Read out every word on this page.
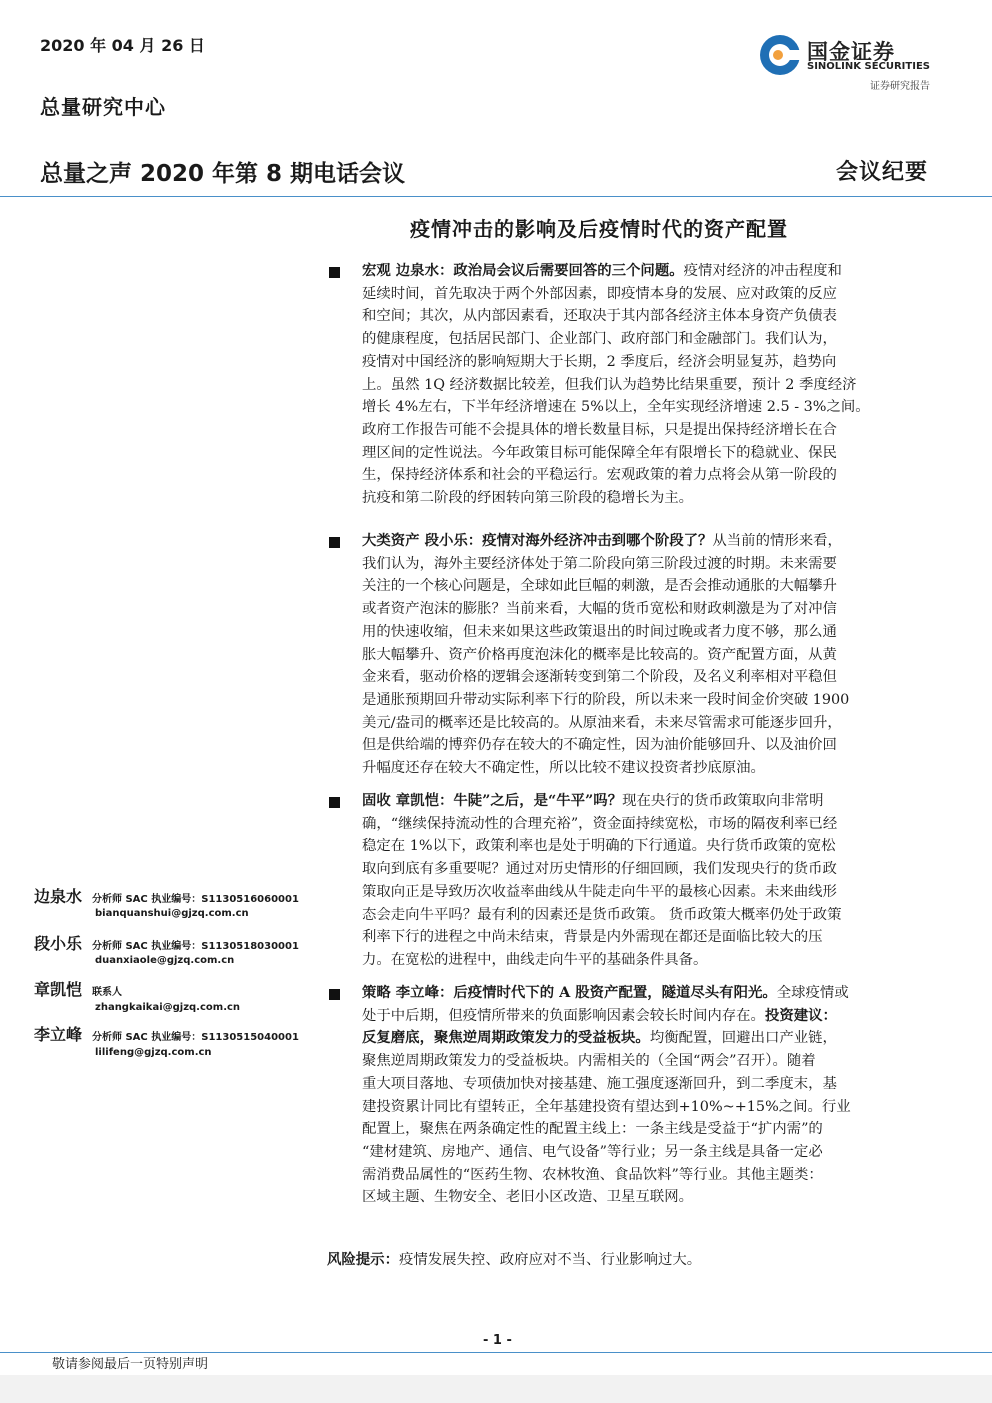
2020 年 04 月 26 日
总量研究中心
国金证券
SINOLINK SECURITIES
证券研究报告
总量之声 2020 年第 8 期电话会议	会议纪要
疫情冲击的影响及后疫情时代的资产配置
宏观 边泉水：政治局会议后需要回答的三个问题。疫情对经济的冲击程度和
延续时间，首先取决于两个外部因素，即疫情本身的发展、应对政策的反应
和空间；其次，从内部因素看，还取决于其内部各经济主体本身资产负债表
的健康程度，包括居民部门、企业部门、政府部门和金融部门。我们认为，
疫情对中国经济的影响短期大于长期，2 季度后，经济会明显复苏，趋势向
上。虽然 1Q 经济数据比较差，但我们认为趋势比结果重要，预计 2 季度经济
增长 4%左右，下半年经济增速在 5%以上，全年实现经济增速 2.5 - 3%之间。
政府工作报告可能不会提具体的增长数量目标，只是提出保持经济增长在合
理区间的定性说法。今年政策目标可能保障全年有限增长下的稳就业、保民
生，保持经济体系和社会的平稳运行。宏观政策的着力点将会从第一阶段的
抗疫和第二阶段的纾困转向第三阶段的稳增长为主。
大类资产 段小乐：疫情对海外经济冲击到哪个阶段了？从当前的情形来看，
我们认为，海外主要经济体处于第二阶段向第三阶段过渡的时期。未来需要
关注的一个核心问题是，全球如此巨幅的刺激，是否会推动通胀的大幅攀升
或者资产泡沫的膨胀？当前来看，大幅的货币宽松和财政刺激是为了对冲信
用的快速收缩，但未来如果这些政策退出的时间过晚或者力度不够，那么通
胀大幅攀升、资产价格再度泡沫化的概率是比较高的。资产配置方面，从黄
金来看，驱动价格的逻辑会逐渐转变到第二个阶段，及名义利率相对平稳但
是通胀预期回升带动实际利率下行的阶段，所以未来一段时间金价突破 1900
美元/盎司的概率还是比较高的。从原油来看，未来尽管需求可能逐步回升，
但是供给端的博弈仍存在较大的不确定性，因为油价能够回升、以及油价回
升幅度还存在较大不确定性，所以比较不建议投资者抄底原油。
固收 章凯恺：牛陡”之后，是“牛平”吗？现在央行的货币政策取向非常明
确，“继续保持流动性的合理充裕”，资金面持续宽松，市场的隔夜利率已经
稳定在 1%以下，政策利率也是处于明确的下行通道。央行货币政策的宽松
取向到底有多重要呢？通过对历史情形的仔细回顾，我们发现央行的货币政
策取向正是导致历次收益率曲线从牛陡走向牛平的最核心因素。未来曲线形
态会走向牛平吗？最有利的因素还是货币政策。 货币政策大概率仍处于政策
利率下行的进程之中尚未结束，背景是内外需现在都还是面临比较大的压
力。在宽松的进程中，曲线走向牛平的基础条件具备。
策略 李立峰：后疫情时代下的 A 股资产配置，隧道尽头有阳光。全球疫情或
处于中后期，但疫情所带来的负面影响因素会较长时间内存在。投资建议：
反复磨底，聚焦逆周期政策发力的受益板块。均衡配置，回避出口产业链，
聚焦逆周期政策发力的受益板块。内需相关的（全国“两会”召开）。随着
重大项目落地、专项债加快对接基建、施工强度逐渐回升，到二季度末，基
建投资累计同比有望转正，全年基建投资有望达到+10%~+15%之间。行业
配置上，聚焦在两条确定性的配置主线上：一条主线是受益于“扩内需”的
“建材建筑、房地产、通信、电气设备”等行业；另一条主线是具备一定必
需消费品属性的“医药生物、农林牧渔、食品饮料”等行业。其他主题类：
区域主题、生物安全、老旧小区改造、卫星互联网。
边泉水 分析师 SAC 执业编号：S1130516060001
bianquanshui@gjzq.com.cn
段小乐 分析师 SAC 执业编号：S1130518030001
duanxiaole@gjzq.com.cn
章凯恺 联系人
zhangkaikai@gjzq.com.cn
李立峰 分析师 SAC 执业编号：S1130515040001
lilifeng@gjzq.com.cn
风险提示：疫情发展失控、政府应对不当、行业影响过大。
- 1 -
敬请参阅最后一页特别声明
